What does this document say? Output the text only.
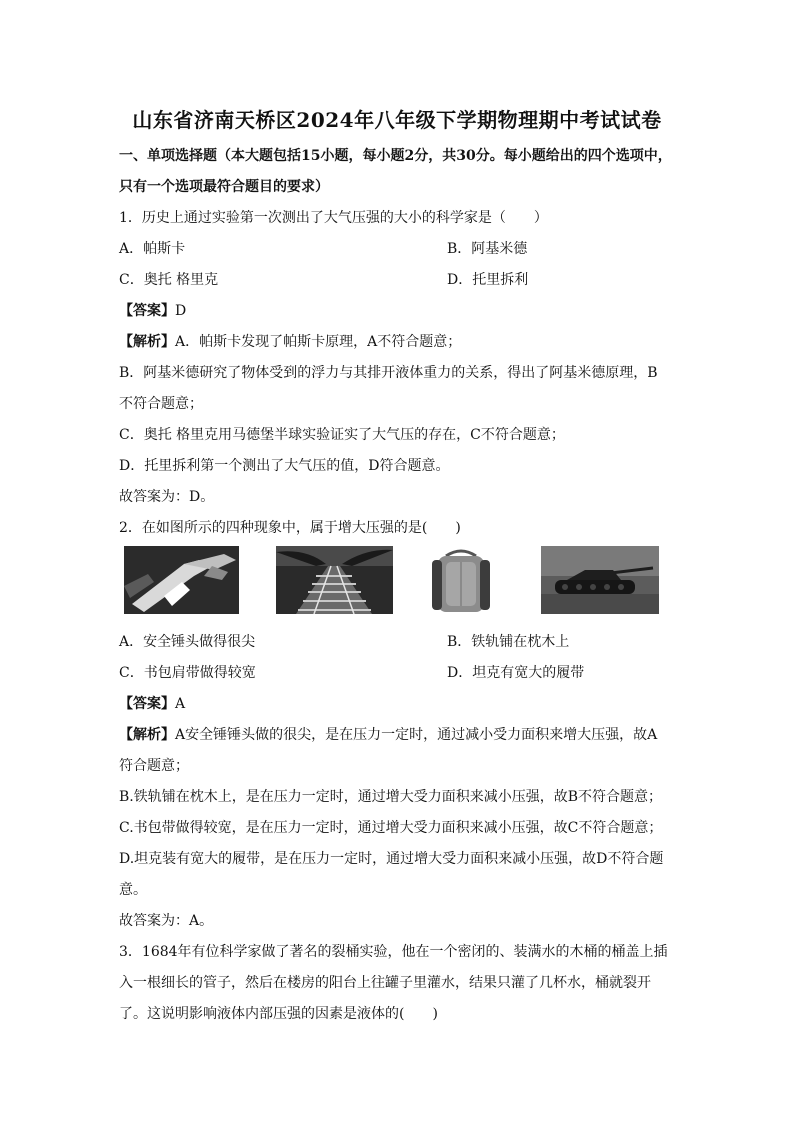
山东省济南天桥区2024年八年级下学期物理期中考试试卷
一、单项选择题（本大题包括15小题，每小题2分，共30分。每小题给出的四个选项中，
只有一个选项最符合题目的要求）
1．历史上通过实验第一次测出了大气压强的大小的科学家是（　　）
A．帕斯卡	B．阿基米德
C．奥托 格里克	D．托里拆利
【答案】D
【解析】A．帕斯卡发现了帕斯卡原理，A不符合题意；
B．阿基米德研究了物体受到的浮力与其排开液体重力的关系，得出了阿基米德原理，B
不符合题意；
C．奥托 格里克用马德堡半球实验证实了大气压的存在，C不符合题意；
D．托里拆利第一个测出了大气压的值，D符合题意。
故答案为：D。
2．在如图所示的四种现象中，属于增大压强的是(　　)
A．安全锤头做得很尖	B．铁轨铺在枕木上
C．书包肩带做得较宽	D．坦克有宽大的履带
【答案】A
【解析】A安全锤锤头做的很尖，是在压力一定时，通过减小受力面积来增大压强，故A
符合题意；
B.铁轨铺在枕木上，是在压力一定时，通过增大受力面积来减小压强，故B不符合题意；
C.书包带做得较宽，是在压力一定时，通过增大受力面积来减小压强，故C不符合题意；
D.坦克装有宽大的履带，是在压力一定时，通过增大受力面积来减小压强，故D不符合题
意。
故答案为：A。
3．1684年有位科学家做了著名的裂桶实验，他在一个密闭的、装满水的木桶的桶盖上插
入一根细长的管子，然后在楼房的阳台上往罐子里灌水，结果只灌了几杯水，桶就裂开
了。这说明影响液体内部压强的因素是液体的(　　)
